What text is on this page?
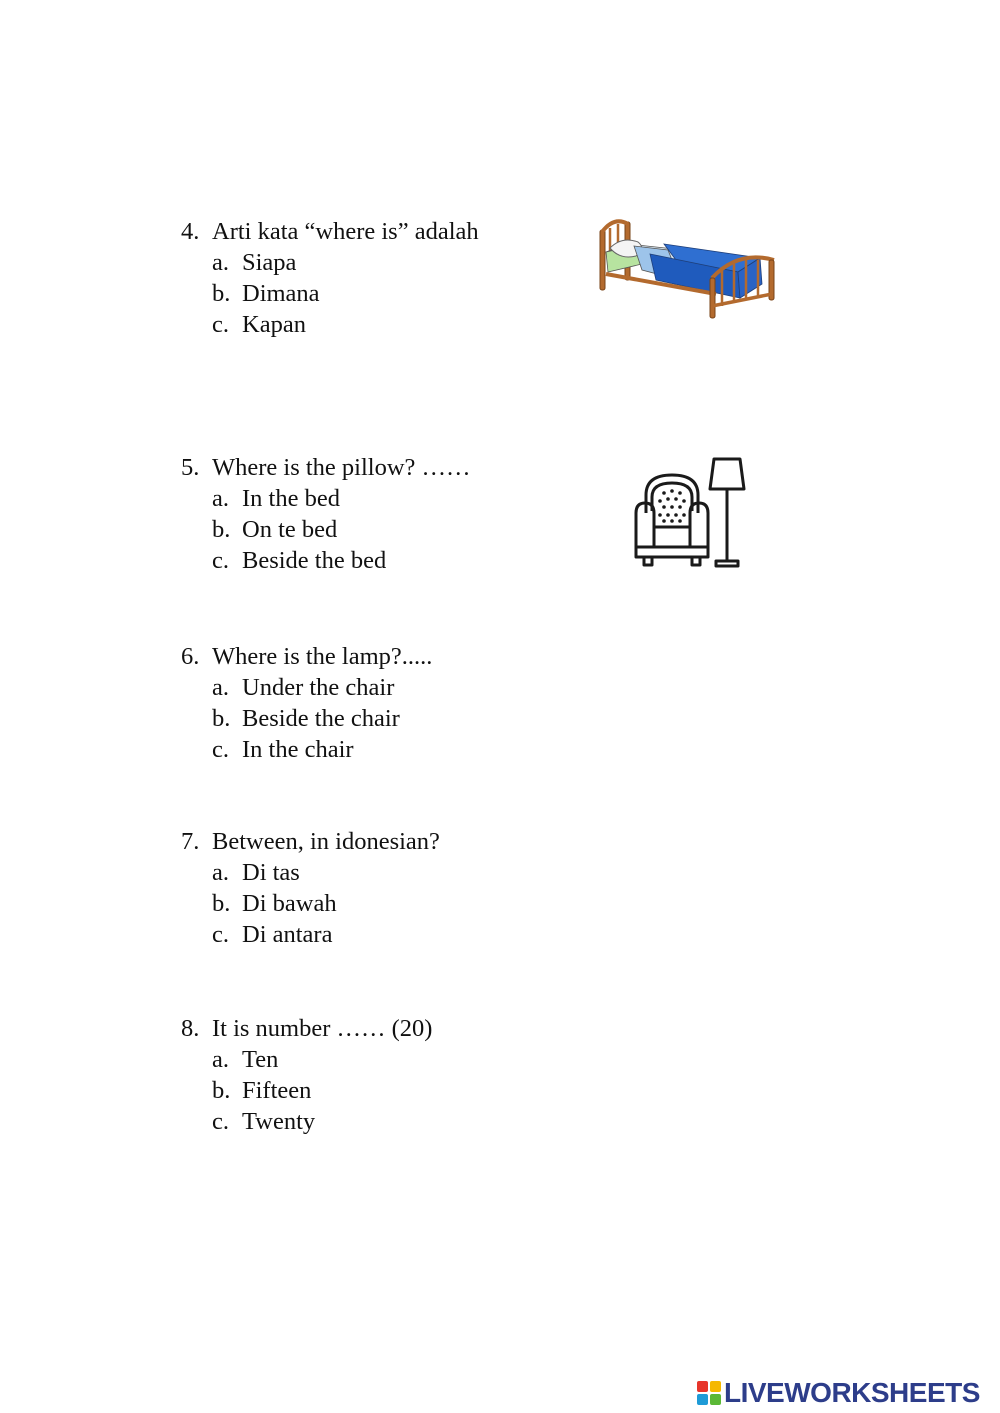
4. Arti kata “where is” adalah
a. Siapa
b. Dimana
c. Kapan
5. Where is the pillow? ……
a. In the bed
b. On te bed
c. Beside the bed
6. Where is the lamp?.....
a. Under the chair
b. Beside the chair
c. In the chair
7. Between, in idonesian?
a. Di tas
b. Di bawah
c. Di antara
8. It is number …… (20)
a. Ten
b. Fifteen
c. Twenty
LIVEWORKSHEETS
